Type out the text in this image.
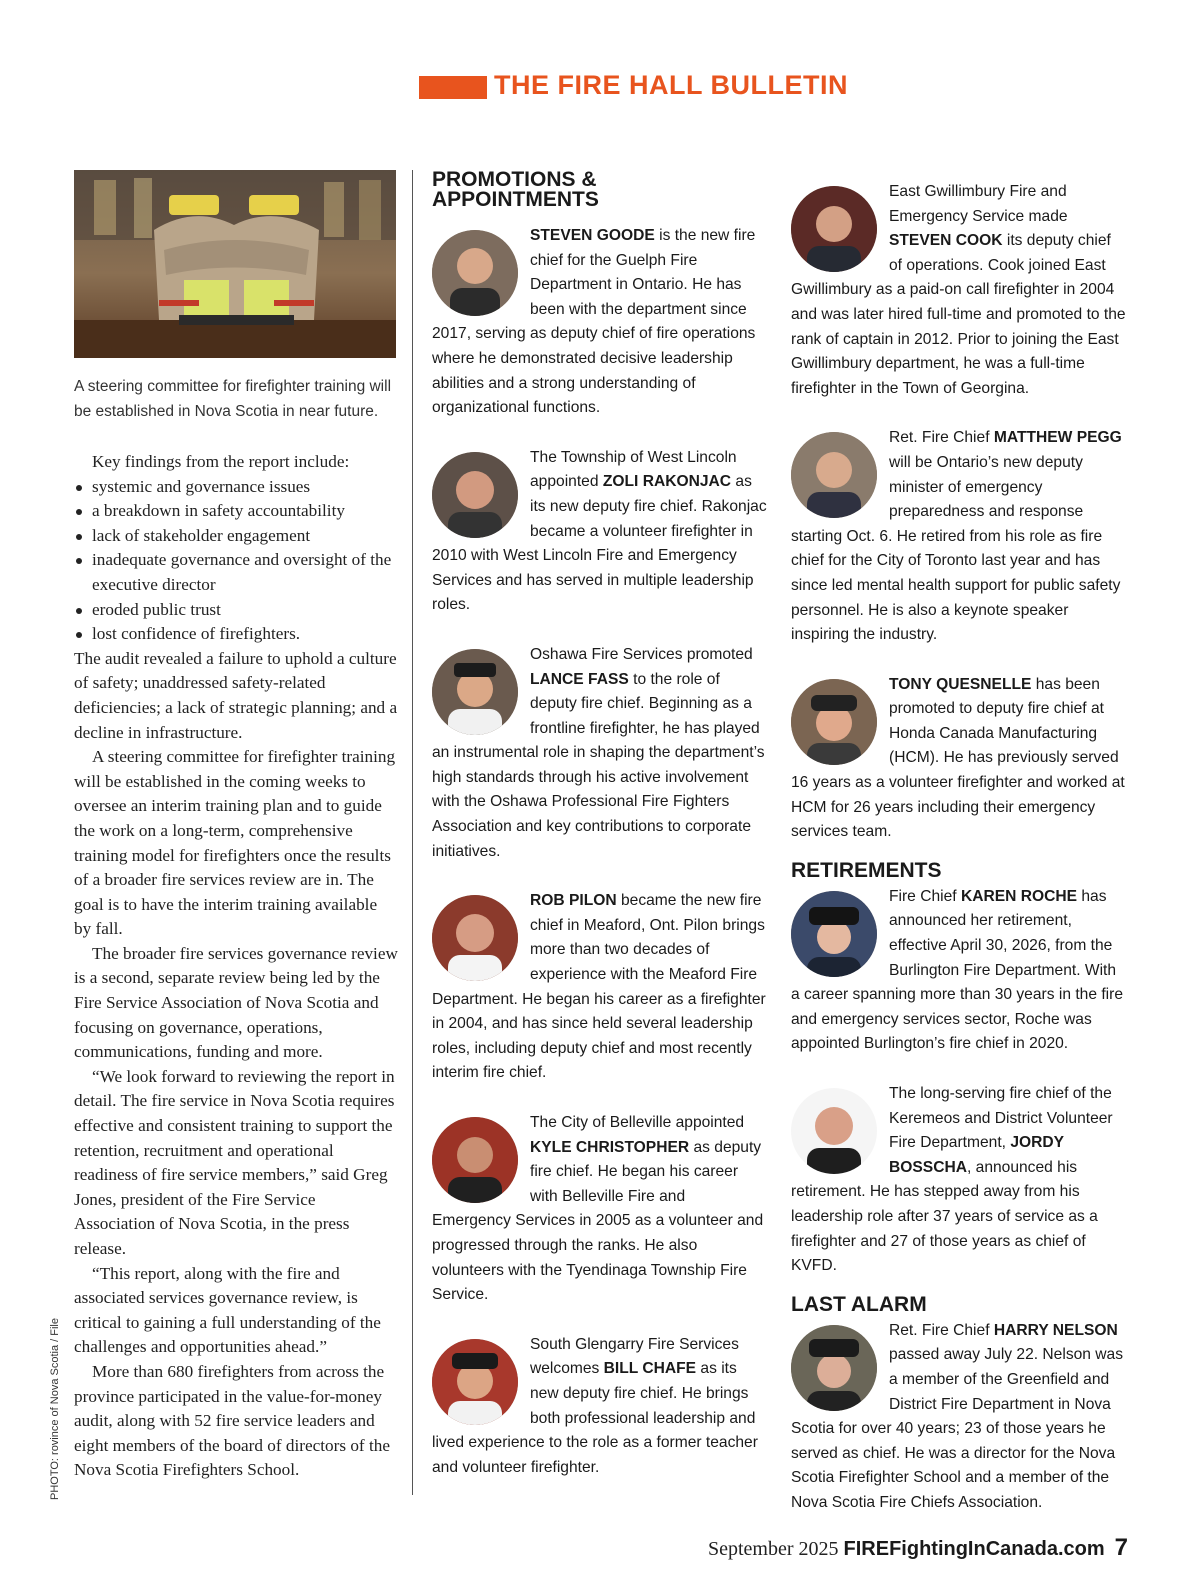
THE FIRE HALL BULLETIN
A steering committee for firefighter training will be established in Nova Scotia in near future.

Key findings from the report include:

systemic and governance issues
a breakdown in safety accountability
lack of stakeholder engagement
inadequate governance and oversight of the executive director
eroded public trust
lost confidence of firefighters.

The audit revealed a failure to uphold a culture of safety; unaddressed safety-related deficiencies; a lack of strategic planning; and a decline in infrastructure.

A steering committee for firefighter training will be established in the coming weeks to oversee an interim training plan and to guide the work on a long-term, comprehensive training model for firefighters once the results of a broader fire services review are in. The goal is to have the interim training available by fall.

The broader fire services governance review is a second, separate review being led by the Fire Service Association of Nova Scotia and focusing on governance, operations, communications, funding and more.

“We look forward to reviewing the report in detail. The fire service in Nova Scotia requires effective and consistent training to support the retention, recruitment and operational readiness of fire service members,” said Greg Jones, president of the Fire Service Association of Nova Scotia, in the press release.

“This report, along with the fire and associated services governance review, is critical to gaining a full understanding of the challenges and opportunities ahead.”

More than 680 firefighters from across the province participated in the value-for-money audit, along with 52 fire service leaders and eight members of the board of directors of the Nova Scotia Firefighters School.

PHOTO: rovince of Nova Scotia / File
PROMOTIONS &
APPOINTMENTS

STEVEN GOODE is the new fire chief for the Guelph Fire Department in Ontario. He has been with the department since 2017, serving as deputy chief of fire operations where he demonstrated decisive leadership abilities and a strong understanding of organizational functions.

The Township of West Lincoln appointed ZOLI RAKONJAC as its new deputy fire chief. Rakonjac became a volunteer firefighter in 2010 with West Lincoln Fire and Emergency Services and has served in multiple leadership roles.

Oshawa Fire Services promoted LANCE FASS to the role of deputy fire chief. Beginning as a frontline firefighter, he has played an instrumental role in shaping the department’s high standards through his active involvement with the Oshawa Professional Fire Fighters Association and key contributions to corporate initiatives.

ROB PILON became the new fire chief in Meaford, Ont. Pilon brings more than two decades of experience with the Meaford Fire Department. He began his career as a firefighter in 2004, and has since held several leadership roles, including deputy chief and most recently interim fire chief.

The City of Belleville appointed KYLE CHRISTOPHER as deputy fire chief. He began his career with Belleville Fire and Emergency Services in 2005 as a volunteer and progressed through the ranks. He also volunteers with the Tyendinaga Township Fire Service.

South Glengarry Fire Services welcomes BILL CHAFE as its new deputy fire chief. He brings both professional leadership and lived experience to the role as a former teacher and volunteer firefighter.

East Gwillimbury Fire and Emergency Service made STEVEN COOK its deputy chief of operations. Cook joined East Gwillimbury as a paid-on call firefighter in 2004 and was later hired full-time and promoted to the rank of captain in 2012. Prior to joining the East Gwillimbury department, he was a full-time firefighter in the Town of Georgina.

Ret. Fire Chief MATTHEW PEGG will be Ontario’s new deputy minister of emergency preparedness and response starting Oct. 6. He retired from his role as fire chief for the City of Toronto last year and has since led mental health support for public safety personnel. He is also a keynote speaker inspiring the industry.

TONY QUESNELLE has been promoted to deputy fire chief at Honda Canada Manufacturing (HCM). He has previously served 16 years as a volunteer firefighter and worked at HCM for 26 years including their emergency services team.

RETIREMENTS

Fire Chief KAREN ROCHE has announced her retirement, effective April 30, 2026, from the Burlington Fire Department. With a career spanning more than 30 years in the fire and emergency services sector, Roche was appointed Burlington’s fire chief in 2020.

The long-serving fire chief of the Keremeos and District Volunteer Fire Department, JORDY BOSSCHA, announced his retirement. He has stepped away from his leadership role after 37 years of service as a firefighter and 27 of those years as chief of KVFD.

LAST ALARM

Ret. Fire Chief HARRY NELSON passed away July 22. Nelson was a member of the Greenfield and District Fire Department in Nova Scotia for over 40 years; 23 of those years he served as chief. He was a director for the Nova Scotia Firefighter School and a member of the Nova Scotia Fire Chiefs Association.

September 2025 FIREFightingInCanada.com 7
